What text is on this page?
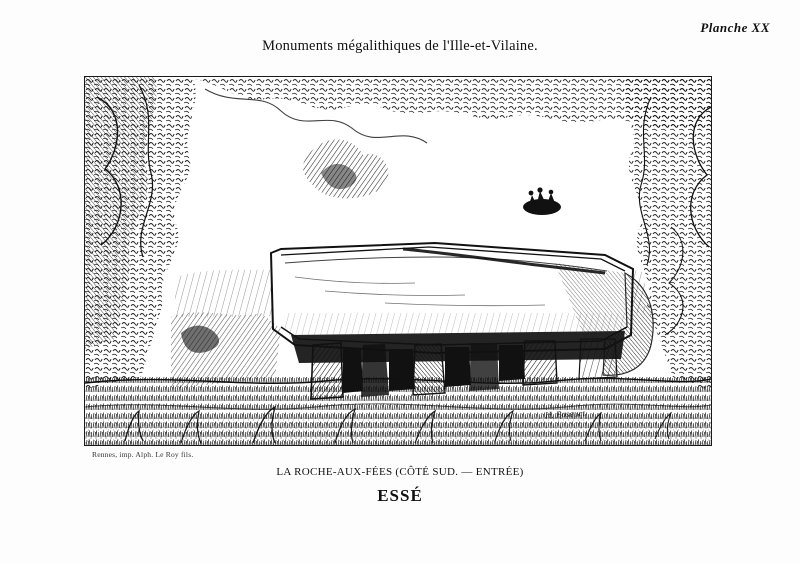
Planche XX
Monuments mégalithiques de l'Ille-et-Vilaine.
H. Bosquet
Rennes, imp. Alph. Le Roy fils.
LA ROCHE-AUX-FÉES (CÔTÉ SUD. — ENTRÉE)
ESSÉ
